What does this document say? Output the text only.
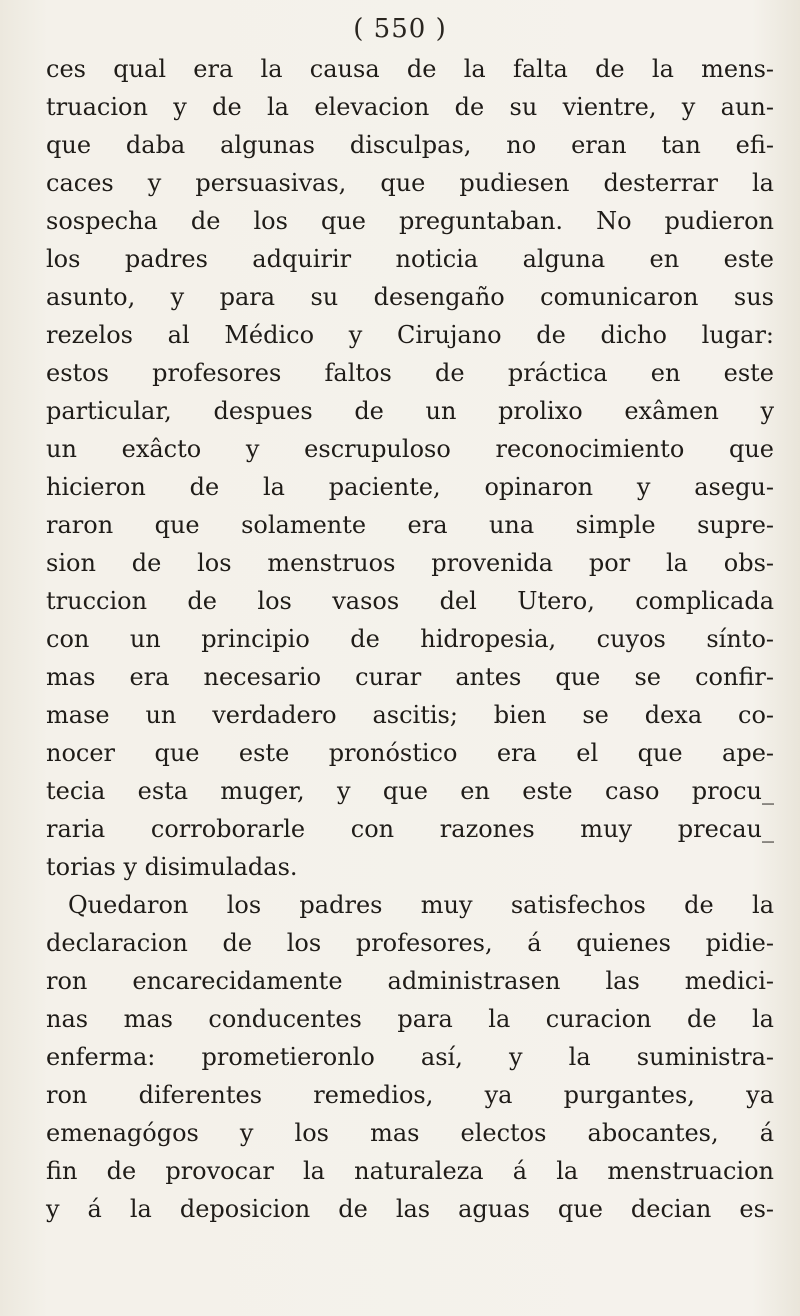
( 550 )
ces qual era la causa de la falta de la mens-
truacion y de la elevacion de su vientre, y aun-
que daba algunas disculpas, no eran tan efi-
caces y persuasivas, que pudiesen desterrar la
sospecha de los que preguntaban. No pudieron
los padres adquirir noticia alguna en este
asunto, y para su desengaño comunicaron sus
rezelos al Médico y Cirujano de dicho lugar:
estos profesores faltos de práctica en este
particular, despues de un prolixo exâmen y
un exâcto y escrupuloso reconocimiento que
hicieron de la paciente, opinaron y asegu-
raron que solamente era una simple supre-
sion de los menstruos provenida por la obs-
truccion de los vasos del Utero, complicada
con un principio de hidropesia, cuyos sínto-
mas era necesario curar antes que se confir-
mase un verdadero ascitis; bien se dexa co-
nocer que este pronóstico era el que ape-
tecia esta muger, y que en este caso procu_
raria corroborarle con razones muy precau_
torias y disimuladas.
Quedaron los padres muy satisfechos de la
declaracion de los profesores, á quienes pidie-
ron encarecidamente administrasen las medici-
nas mas conducentes para la curacion de la
enferma: prometieronlo así, y la suministra-
ron diferentes remedios, ya purgantes, ya
emenagógos y los mas electos abocantes, á
fin de provocar la naturaleza á la menstruacion
y á la deposicion de las aguas que decian es-
